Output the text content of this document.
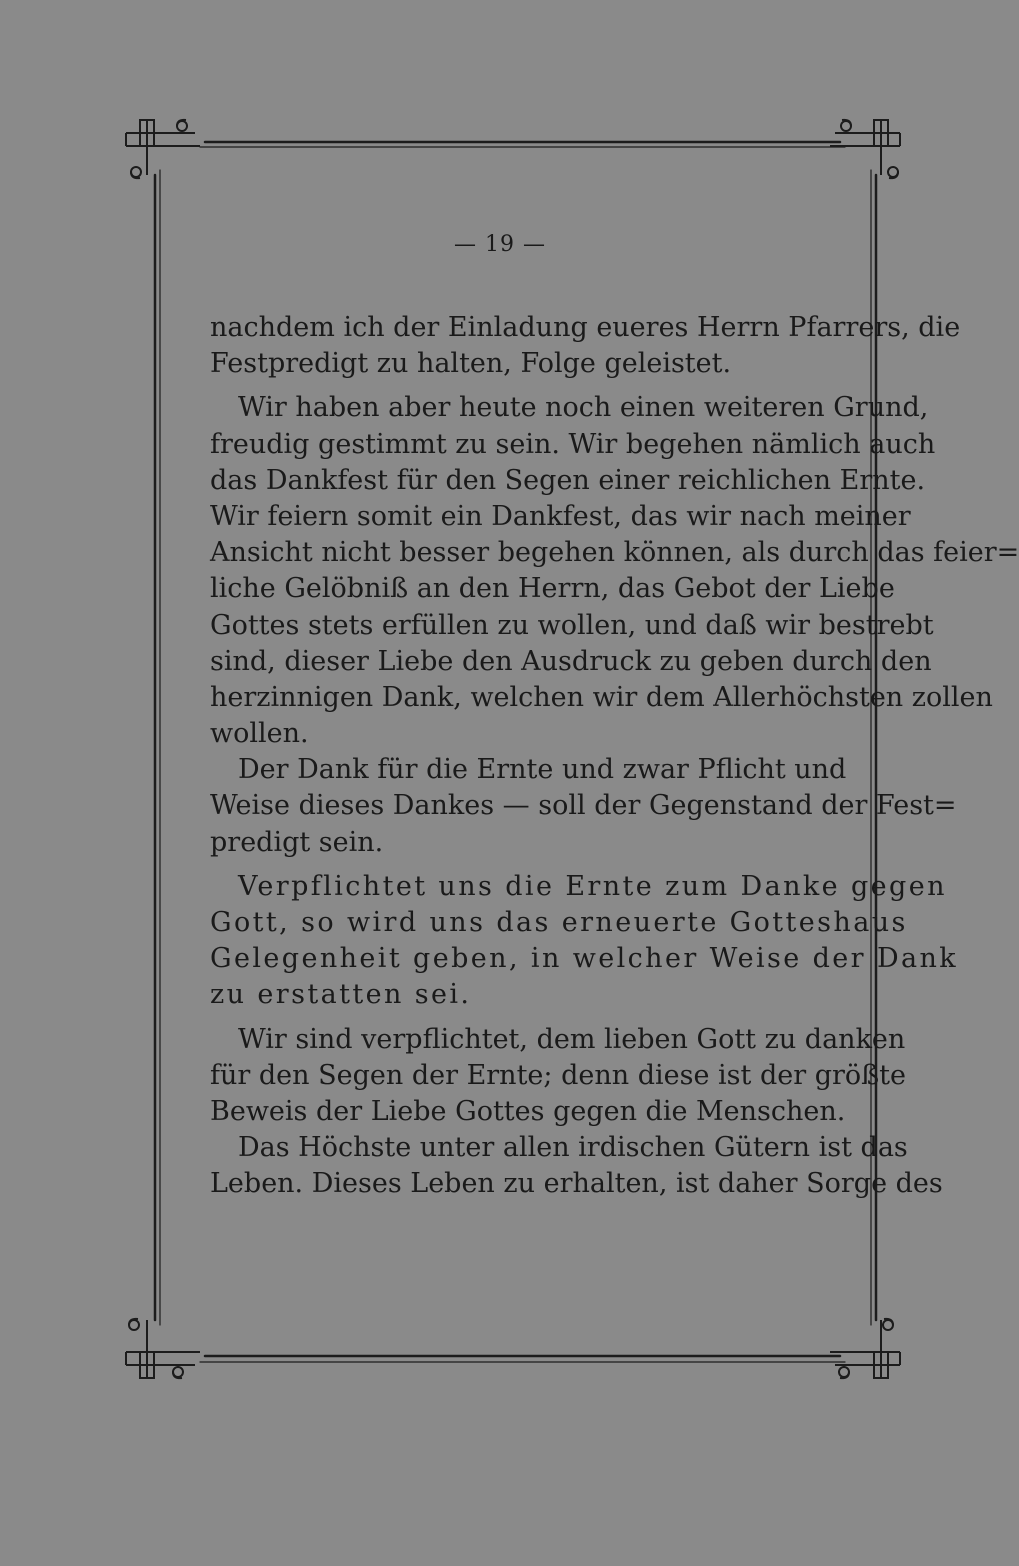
— 19 —
nachdem ich der Einladung eueres Herrn Pfarrers, die
Festpredigt zu halten, Folge geleistet.
Wir haben aber heute noch einen weiteren Grund,
freudig gestimmt zu sein. Wir begehen nämlich auch
das Dankfest für den Segen einer reichlichen Ernte.
Wir feiern somit ein Dankfest, das wir nach meiner
Ansicht nicht besser begehen können, als durch das feier=
liche Gelöbniß an den Herrn, das Gebot der Liebe
Gottes stets erfüllen zu wollen, und daß wir bestrebt
sind, dieser Liebe den Ausdruck zu geben durch den
herzinnigen Dank, welchen wir dem Allerhöchsten zollen
wollen.
Der Dank für die Ernte und zwar Pflicht und
Weise dieses Dankes — soll der Gegenstand der Fest=
predigt sein.
Verpflichtet uns die Ernte zum Danke gegen
Gott, so wird uns das erneuerte Gotteshaus
Gelegenheit geben, in welcher Weise der Dank
zu erstatten sei.
Wir sind verpflichtet, dem lieben Gott zu danken
für den Segen der Ernte; denn diese ist der größte
Beweis der Liebe Gottes gegen die Menschen.
Das Höchste unter allen irdischen Gütern ist das
Leben. Dieses Leben zu erhalten, ist daher Sorge des
